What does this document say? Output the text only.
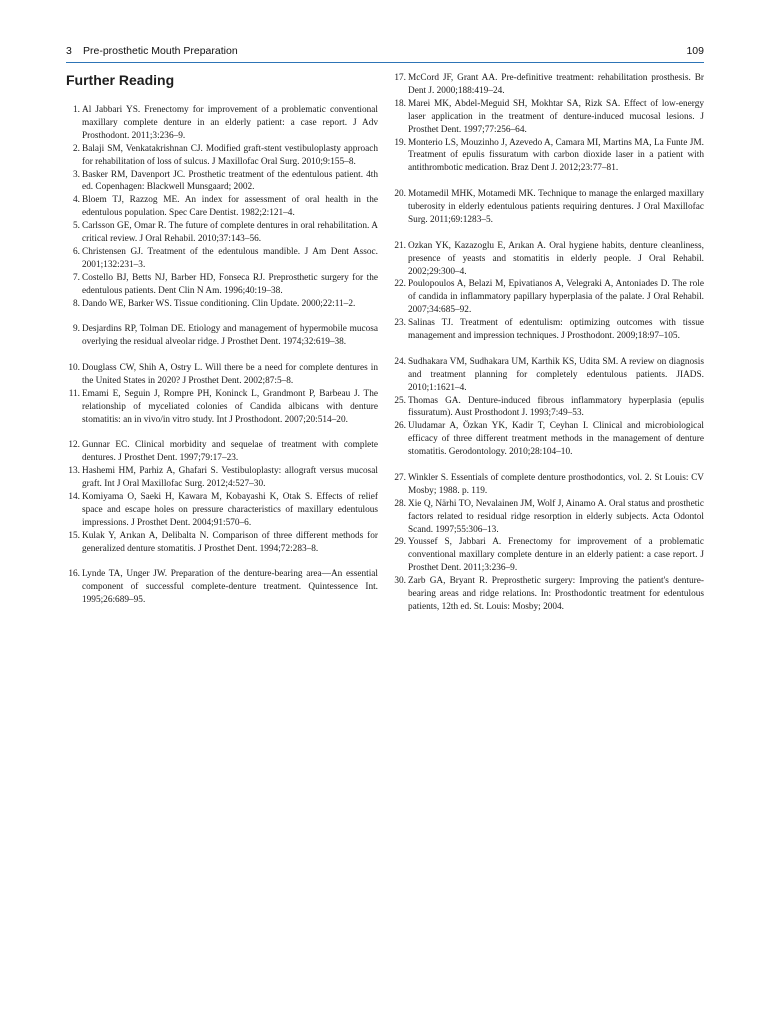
3 Pre-prosthetic Mouth Preparation	109
Further Reading
1. Al Jabbari YS. Frenectomy for improvement of a problematic conventional maxillary complete denture in an elderly patient: a case report. J Adv Prosthodont. 2011;3:236–9.
2. Balaji SM, Venkatakrishnan CJ. Modified graft-stent vestibuloplasty approach for rehabilitation of loss of sulcus. J Maxillofac Oral Surg. 2010;9:155–8.
3. Basker RM, Davenport JC. Prosthetic treatment of the edentulous patient. 4th ed. Copenhagen: Blackwell Munsgaard; 2002.
4. Bloem TJ, Razzog ME. An index for assessment of oral health in the edentulous population. Spec Care Dentist. 1982;2:121–4.
5. Carlsson GE, Omar R. The future of complete dentures in oral rehabilitation. A critical review. J Oral Rehabil. 2010;37:143–56.
6. Christensen GJ. Treatment of the edentulous mandible. J Am Dent Assoc. 2001;132:231–3.
7. Costello BJ, Betts NJ, Barber HD, Fonseca RJ. Preprosthetic surgery for the edentulous patients. Dent Clin N Am. 1996;40:19–38.
8. Dando WE, Barker WS. Tissue conditioning. Clin Update. 2000;22:11–2.
9. Desjardins RP, Tolman DE. Etiology and management of hypermobile mucosa overlying the residual alveolar ridge. J Prosthet Dent. 1974;32:619–38.
10. Douglass CW, Shih A, Ostry L. Will there be a need for complete dentures in the United States in 2020? J Prosthet Dent. 2002;87:5–8.
11. Emami E, Seguin J, Rompre PH, Koninck L, Grandmont P, Barbeau J. The relationship of myceliated colonies of Candida albicans with denture stomatitis: an in vivo/in vitro study. Int J Prosthodont. 2007;20:514–20.
12. Gunnar EC. Clinical morbidity and sequelae of treatment with complete dentures. J Prosthet Dent. 1997;79:17–23.
13. Hashemi HM, Parhiz A, Ghafari S. Vestibuloplasty: allograft versus mucosal graft. Int J Oral Maxillofac Surg. 2012;4:527–30.
14. Komiyama O, Saeki H, Kawara M, Kobayashi K, Otak S. Effects of relief space and escape holes on pressure characteristics of maxillary edentulous impressions. J Prosthet Dent. 2004;91:570–6.
15. Kulak Y, Arıkan A, Delibalta N. Comparison of three different methods for generalized denture stomatitis. J Prosthet Dent. 1994;72:283–8.
16. Lynde TA, Unger JW. Preparation of the denture-bearing area—An essential component of successful complete-denture treatment. Quintessence Int. 1995;26:689–95.
17. McCord JF, Grant AA. Pre-definitive treatment: rehabilitation prosthesis. Br Dent J. 2000;188:419–24.
18. Marei MK, Abdel-Meguid SH, Mokhtar SA, Rizk SA. Effect of low-energy laser application in the treatment of denture-induced mucosal lesions. J Prosthet Dent. 1997;77:256–64.
19. Monterio LS, Mouzinho J, Azevedo A, Camara MI, Martins MA, La Funte JM. Treatment of epulis fissuratum with carbon dioxide laser in a patient with antithrombotic medication. Braz Dent J. 2012;23:77–81.
20. Motamedil MHK, Motamedi MK. Technique to manage the enlarged maxillary tuberosity in elderly edentulous patients requiring dentures. J Oral Maxillofac Surg. 2011;69:1283–5.
21. Ozkan YK, Kazazoglu E, Arıkan A. Oral hygiene habits, denture cleanliness, presence of yeasts and stomatitis in elderly people. J Oral Rehabil. 2002;29:300–4.
22. Poulopoulos A, Belazi M, Epivatianos A, Velegraki A, Antoniades D. The role of candida in inflammatory papillary hyperplasia of the palate. J Oral Rehabil. 2007;34:685–92.
23. Salinas TJ. Treatment of edentulism: optimizing outcomes with tissue management and impression techniques. J Prosthodont. 2009;18:97–105.
24. Sudhakara VM, Sudhakara UM, Karthik KS, Udita SM. A review on diagnosis and treatment planning for completely edentulous patients. JIADS. 2010;1:1621–4.
25. Thomas GA. Denture-induced fibrous inflammatory hyperplasia (epulis fissuratum). Aust Prosthodont J. 1993;7:49–53.
26. Uludamar A, Özkan YK, Kadir T, Ceyhan I. Clinical and microbiological efficacy of three different treatment methods in the management of denture stomatitis. Gerodontology. 2010;28:104–10.
27. Winkler S. Essentials of complete denture prosthodontics, vol. 2. St Louis: CV Mosby; 1988. p. 119.
28. Xie Q, Närhi TO, Nevalainen JM, Wolf J, Ainamo A. Oral status and prosthetic factors related to residual ridge resorption in elderly subjects. Acta Odontol Scand. 1997;55:306–13.
29. Youssef S, Jabbari A. Frenectomy for improvement of a problematic conventional maxillary complete denture in an elderly patient: a case report. J Prosthet Dent. 2011;3:236–9.
30. Zarb GA, Bryant R. Preprosthetic surgery: Improving the patient's denture-bearing areas and ridge relations. In: Prosthodontic treatment for edentulous patients, 12th ed. St. Louis: Mosby; 2004.
